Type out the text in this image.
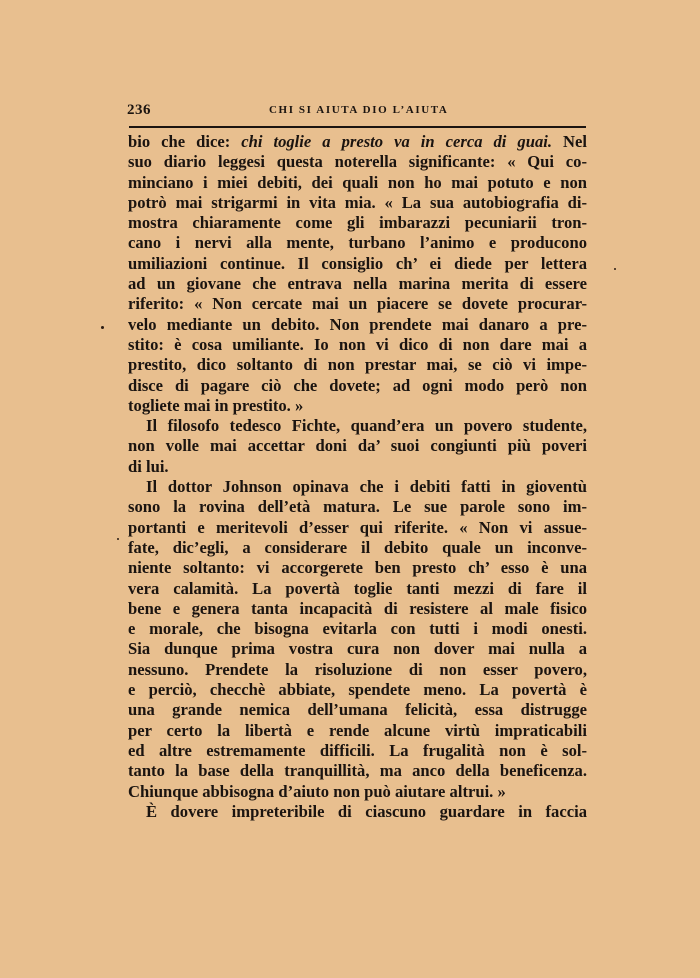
236	CHI SI AIUTA DIO L’AIUTA
bio che dice: chi toglie a presto va in cerca di guai. Nel
suo diario leggesi questa noterella significante: « Qui co-
minciano i miei debiti, dei quali non ho mai potuto e non
potrò mai strigarmi in vita mia. « La sua autobiografia di-
mostra chiaramente come gli imbarazzi pecuniarii tron-
cano i nervi alla mente, turbano l’animo e producono
umiliazioni continue. Il consiglio ch’ ei diede per lettera
ad un giovane che entrava nella marina merita di essere
riferito: « Non cercate mai un piacere se dovete procurar-
velo mediante un debito. Non prendete mai danaro a pre-
stito: è cosa umiliante. Io non vi dico di non dare mai a
prestito, dico soltanto di non prestar mai, se ciò vi impe-
disce di pagare ciò che dovete; ad ogni modo però non
togliete mai in prestito. »
Il filosofo tedesco Fichte, quand’era un povero studente,
non volle mai accettar doni da’ suoi congiunti più poveri
di lui.
Il dottor Johnson opinava che i debiti fatti in gioventù
sono la rovina dell’età matura. Le sue parole sono im-
portanti e meritevoli d’esser qui riferite. « Non vi assue-
fate, dic’egli, a considerare il debito quale un inconve-
niente soltanto: vi accorgerete ben presto ch’ esso è una
vera calamità. La povertà toglie tanti mezzi di fare il
bene e genera tanta incapacità di resistere al male fisico
e morale, che bisogna evitarla con tutti i modi onesti.
Sia dunque prima vostra cura non dover mai nulla a
nessuno. Prendete la risoluzione di non esser povero,
e perciò, checchè abbiate, spendete meno. La povertà è
una grande nemica dell’umana felicità, essa distrugge
per certo la libertà e rende alcune virtù impraticabili
ed altre estremamente difficili. La frugalità non è sol-
tanto la base della tranquillità, ma anco della beneficenza.
Chiunque abbisogna d’aiuto non può aiutare altrui. »
È dovere impreteribile di ciascuno guardare in faccia
